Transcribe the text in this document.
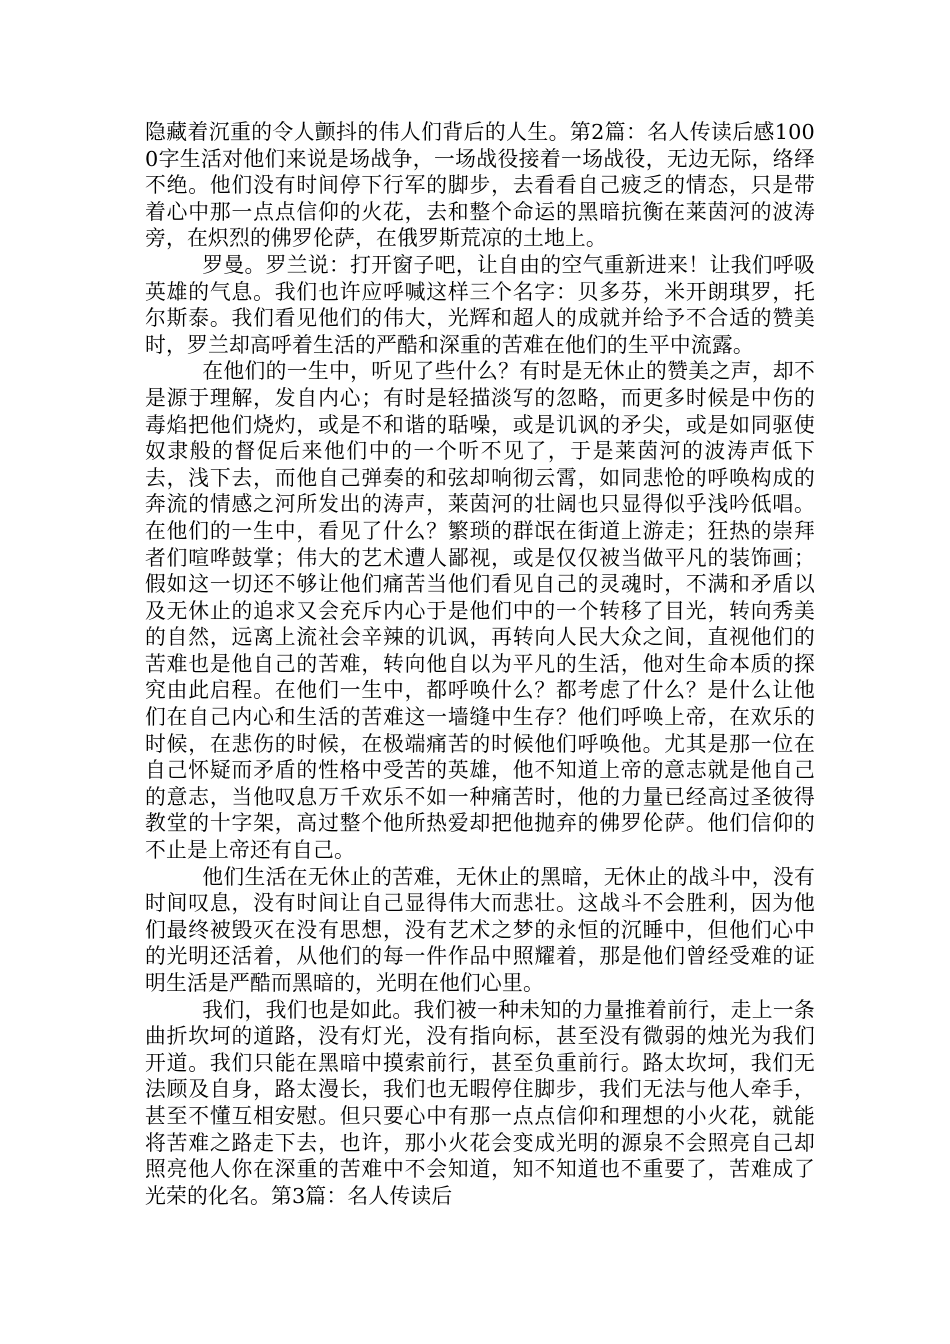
隐藏着沉重的令人颤抖的伟人们背后的人生。第2篇：名人传读后感1000字生活对他们来说是场战争，一场战役接着一场战役，无边无际，络绎不绝。他们没有时间停下行军的脚步，去看看自己疲乏的情态，只是带着心中那一点点信仰的火花，去和整个命运的黑暗抗衡在莱茵河的波涛旁，在炽烈的佛罗伦萨，在俄罗斯荒凉的土地上。

罗曼。罗兰说：打开窗子吧，让自由的空气重新进来！让我们呼吸英雄的气息。我们也许应呼喊这样三个名字：贝多芬，米开朗琪罗，托尔斯泰。我们看见他们的伟大，光辉和超人的成就并给予不合适的赞美时，罗兰却高呼着生活的严酷和深重的苦难在他们的生平中流露。

在他们的一生中，听见了些什么？有时是无休止的赞美之声，却不是源于理解，发自内心；有时是轻描淡写的忽略，而更多时候是中伤的毒焰把他们烧灼，或是不和谐的聒噪，或是讥讽的矛尖，或是如同驱使奴隶般的督促后来他们中的一个听不见了，于是莱茵河的波涛声低下去，浅下去，而他自己弹奏的和弦却响彻云霄，如同悲怆的呼唤构成的奔流的情感之河所发出的涛声，莱茵河的壮阔也只显得似乎浅吟低唱。在他们的一生中，看见了什么？繁琐的群氓在街道上游走；狂热的崇拜者们喧哗鼓掌；伟大的艺术遭人鄙视，或是仅仅被当做平凡的装饰画；假如这一切还不够让他们痛苦当他们看见自己的灵魂时，不满和矛盾以及无休止的追求又会充斥内心于是他们中的一个转移了目光，转向秀美的自然，远离上流社会辛辣的讥讽，再转向人民大众之间，直视他们的苦难也是他自己的苦难，转向他自以为平凡的生活，他对生命本质的探究由此启程。在他们一生中，都呼唤什么？都考虑了什么？是什么让他们在自己内心和生活的苦难这一墙缝中生存？他们呼唤上帝，在欢乐的时候，在悲伤的时候，在极端痛苦的时候他们呼唤他。尤其是那一位在自己怀疑而矛盾的性格中受苦的英雄，他不知道上帝的意志就是他自己的意志，当他叹息万千欢乐不如一种痛苦时，他的力量已经高过圣彼得教堂的十字架，高过整个他所热爱却把他抛弃的佛罗伦萨。他们信仰的不止是上帝还有自己。

他们生活在无休止的苦难，无休止的黑暗，无休止的战斗中，没有时间叹息，没有时间让自己显得伟大而悲壮。这战斗不会胜利，因为他们最终被毁灭在没有思想，没有艺术之梦的永恒的沉睡中，但他们心中的光明还活着，从他们的每一件作品中照耀着，那是他们曾经受难的证明生活是严酷而黑暗的，光明在他们心里。

我们，我们也是如此。我们被一种未知的力量推着前行，走上一条曲折坎坷的道路，没有灯光，没有指向标，甚至没有微弱的烛光为我们开道。我们只能在黑暗中摸索前行，甚至负重前行。路太坎坷，我们无法顾及自身，路太漫长，我们也无暇停住脚步，我们无法与他人牵手，甚至不懂互相安慰。但只要心中有那一点点信仰和理想的小火花，就能将苦难之路走下去，也许，那小火花会变成光明的源泉不会照亮自己却照亮他人你在深重的苦难中不会知道，知不知道也不重要了，苦难成了光荣的化名。第3篇：名人传读后
